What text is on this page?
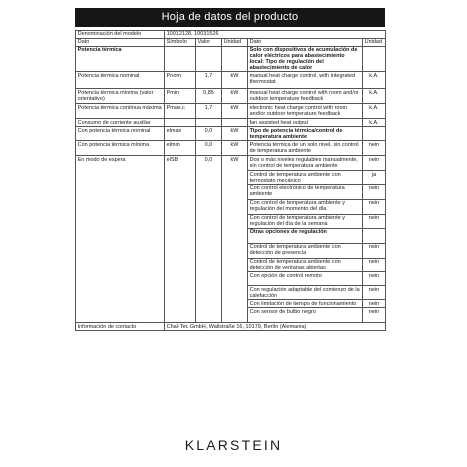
Hoja de datos del producto
Denominación del modelo	10012128, 10031526				
Dato	Símbolo	Valor	Unidad	Dato	Unidad
Potencia térmica				Solo con dispositivos de acumulación de calor eléctricos para abastecimiento local: Tipo de regulación del abastecimiento de calor	
Potencia térmica nominal	Pnom	1,7	kW	manual heat charge control, with integrated thermostat	k.A.
Potencia térmica mínima (valor orientativo)	Pmin	0,85	kW	manual heat charge control with room and/or outdoor temperature feedback	k.A.
Potencia térmica continua máxima	Pmax,c	1,7	kW	electronic heat charge control with room and/or outdoor temperature feedback	k.A.
Consumo de corriente auxiliar				fan assisted heat output	k.A.
Con potencia térmica nominal	elmax	0,0	kW	Tipo de potencia térmica/control de temperatura ambiente	
Con potencia térmica mínima	elmin	0,0	kW	Potencia térmica de un solo nivel, sin control de temperatura ambiente	nein
En modo de espera	elSB	0,0	kW	Dos o más niveles regulables manualmente, sin control de temperatura ambiente	nein
				Control de temperatura ambiente con termostato mecánico	ja
				Con control electrónico de temperatura ambiente	nein
				Con control de temperatura ambiente y regulación del momento del día	nein
				Con control de temperatura ambiente y regulación del día de la semana	nein
				Otras opciones de regulación	
				Control de temperatura ambiente con detección de presencia	nein
				Control de temperatura ambiente con detección de ventanas abiertas	nein
				Con opción de control remoto	nein
				Con regulación adaptable del comienzo de la calefacción	nein
				Con limitación de tiempo de funcionamiento	nein
				Con sensor de bulbo negro	nein
Información de contacto	Chal-Tec GmbH, Wallstraße 16, 10179, Berlín (Alemania)				
KLARSTEIN
